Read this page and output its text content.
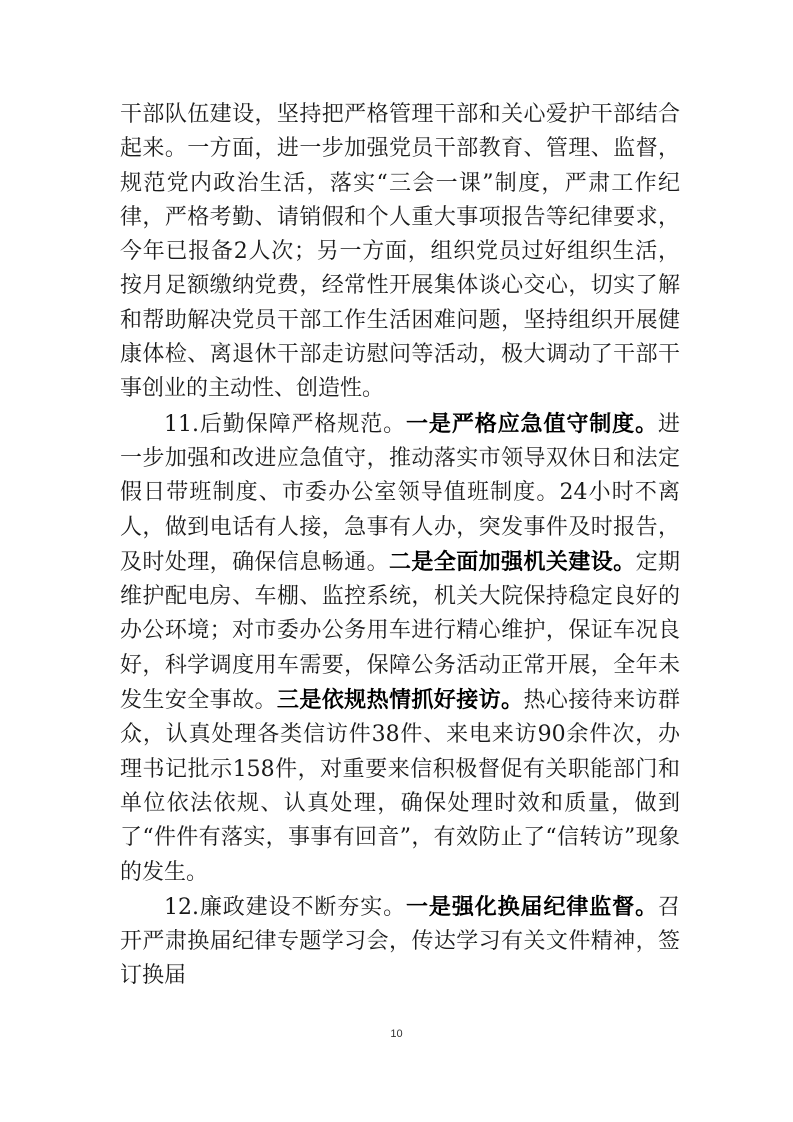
干部队伍建设，坚持把严格管理干部和关心爱护干部结合起来。一方面，进一步加强党员干部教育、管理、监督，规范党内政治生活，落实“三会一课”制度，严肃工作纪律，严格考勤、请销假和个人重大事项报告等纪律要求，今年已报备2人次；另一方面，组织党员过好组织生活，按月足额缴纳党费，经常性开展集体谈心交心，切实了解和帮助解决党员干部工作生活困难问题，坚持组织开展健康体检、离退休干部走访慰问等活动，极大调动了干部干事创业的主动性、创造性。

11.后勤保障严格规范。一是严格应急值守制度。进一步加强和改进应急值守，推动落实市领导双休日和法定假日带班制度、市委办公室领导值班制度。24小时不离人，做到电话有人接，急事有人办，突发事件及时报告，及时处理，确保信息畅通。二是全面加强机关建设。定期维护配电房、车棚、监控系统，机关大院保持稳定良好的办公环境；对市委办公务用车进行精心维护，保证车况良好，科学调度用车需要，保障公务活动正常开展，全年未发生安全事故。三是依规热情抓好接访。热心接待来访群众，认真处理各类信访件38件、来电来访90余件次，办理书记批示158件，对重要来信积极督促有关职能部门和单位依法依规、认真处理，确保处理时效和质量，做到了“件件有落实，事事有回音”，有效防止了“信转访”现象的发生。

12.廉政建设不断夯实。一是强化换届纪律监督。召开严肃换届纪律专题学习会，传达学习有关文件精神，签订换届

10
